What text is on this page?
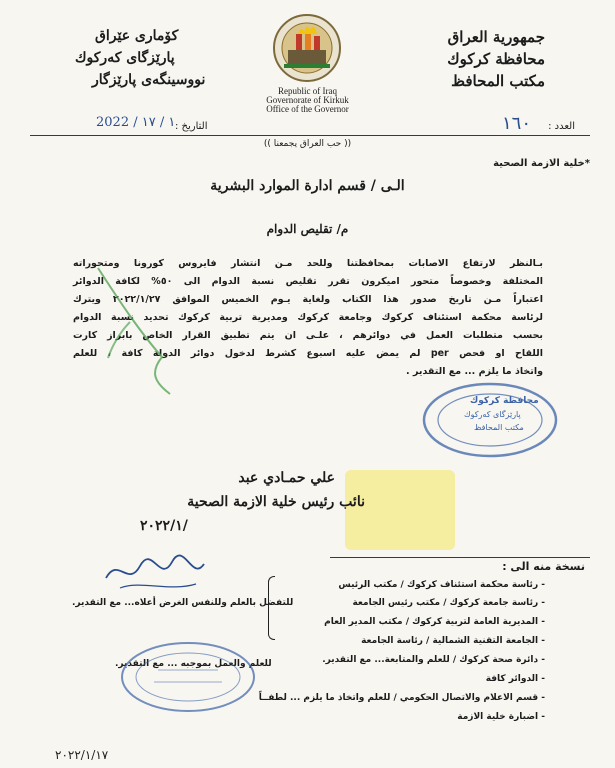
جمهورية العراق
محافظة كركوك
مكتب المحافظ
كۆماری عێراق
پارێزگای كەركوك
نووسینگەی پارێزگار
Republic of Iraq
Governorate of Kirkuk
Office of the Governor
العدد :
١٦٠
التاريخ :
2022 / ١ / ١٧
(( حب العراق يجمعنا ))
*خلية الازمة الصحية
الـى / قسم ادارة الموارد البشرية
م/ تقليص الدوام
بـالنظر لارتفاع الاصابات بمحافظتنا وللحد مـن انتشار فايروس كورونا ومتحوراته
المختلفة وخصوصاً متحور اميكرون تقرر تقليص نسبة الدوام الى ٥٠% لكافة الدوائر
اعتباراً مـن تاريخ صدور هذا الكتاب ولغاية يـوم الخميس الموافق ٢٠٢٢/١/٢٧ ويترك
لرئاسة محكمة استئناف كركوك وجامعة كركوك ومديرية تربية كركوك تحديد نسبة الدوام
بحسب متطلبات العمل في دوائرهم ، علـى ان يتم تطبيق القرار الخاص بابراز كارت
اللقاح او فحص per لم يمض عليه اسبوع كشرط لدخول دوائر الدولة كافة ، للعلم
واتخاذ ما يلزم ... مع التقدير .
محافظة كركوك
پارێزگای كەركوك
مكتب المحافظ
علي حمـادي عبد
نائب رئيس خلية الازمة الصحية
٢٠٢٢/١/
نسخة منه الى :
- رئاسة محكمة استئناف كركوك / مكتب الرئيس
- رئاسة جامعة كركوك / مكتب رئيس الجامعة
- المديرية العامة لتربية كركوك / مكتب المدير العام
- الجامعة التقنية الشمالية / رئاسة الجامعة
- دائرة صحة كركوك / للعلم والمتابعة... مع التقدير.
- الدوائر كافة
- قسم الاعلام والاتصال الحكومي / للعلم واتخاذ ما يلزم ... لطفــاً
- اضبارة خلية الازمة
للتفضل بالعلم وللنفس الغرض أعلاه... مع التقدير.
للعلم والعمل بموجبه ... مع التقدير.
٢٠٢٢/١/١٧
